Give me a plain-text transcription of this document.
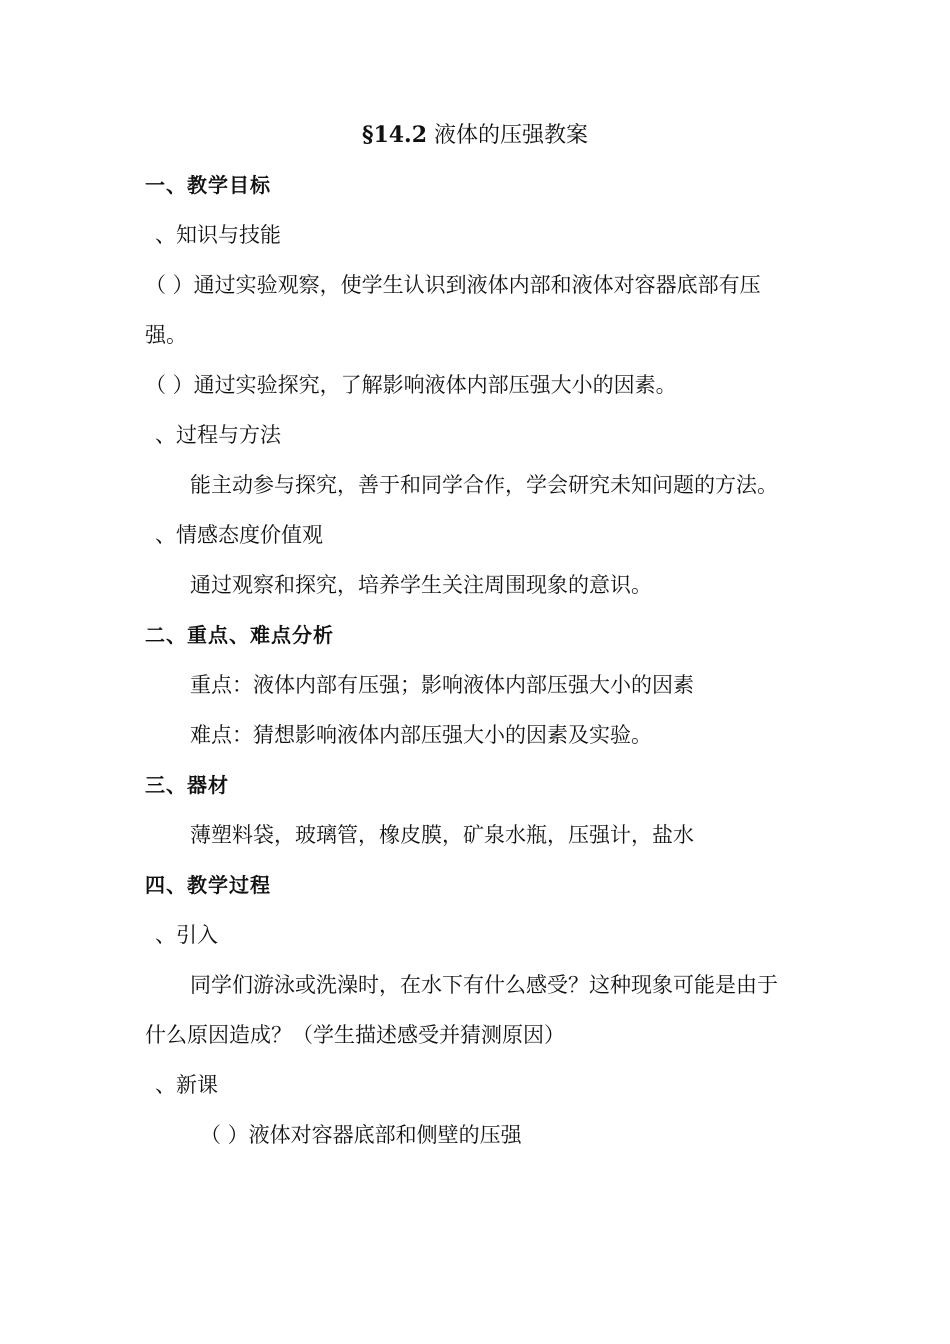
§14.2 液体的压强教案
一、教学目标
、知识与技能
（ ）通过实验观察，使学生认识到液体内部和液体对容器底部有压
强。
（ ）通过实验探究，了解影响液体内部压强大小的因素。
、过程与方法
能主动参与探究，善于和同学合作，学会研究未知问题的方法。
、情感态度价值观
通过观察和探究，培养学生关注周围现象的意识。
二、重点、难点分析
重点：液体内部有压强；影响液体内部压强大小的因素
难点：猜想影响液体内部压强大小的因素及实验。
三、器材
薄塑料袋，玻璃管，橡皮膜，矿泉水瓶，压强计，盐水
四、教学过程
、引入
同学们游泳或洗澡时，在水下有什么感受？这种现象可能是由于
什么原因造成？（学生描述感受并猜测原因）
、新课
（ ）液体对容器底部和侧壁的压强
